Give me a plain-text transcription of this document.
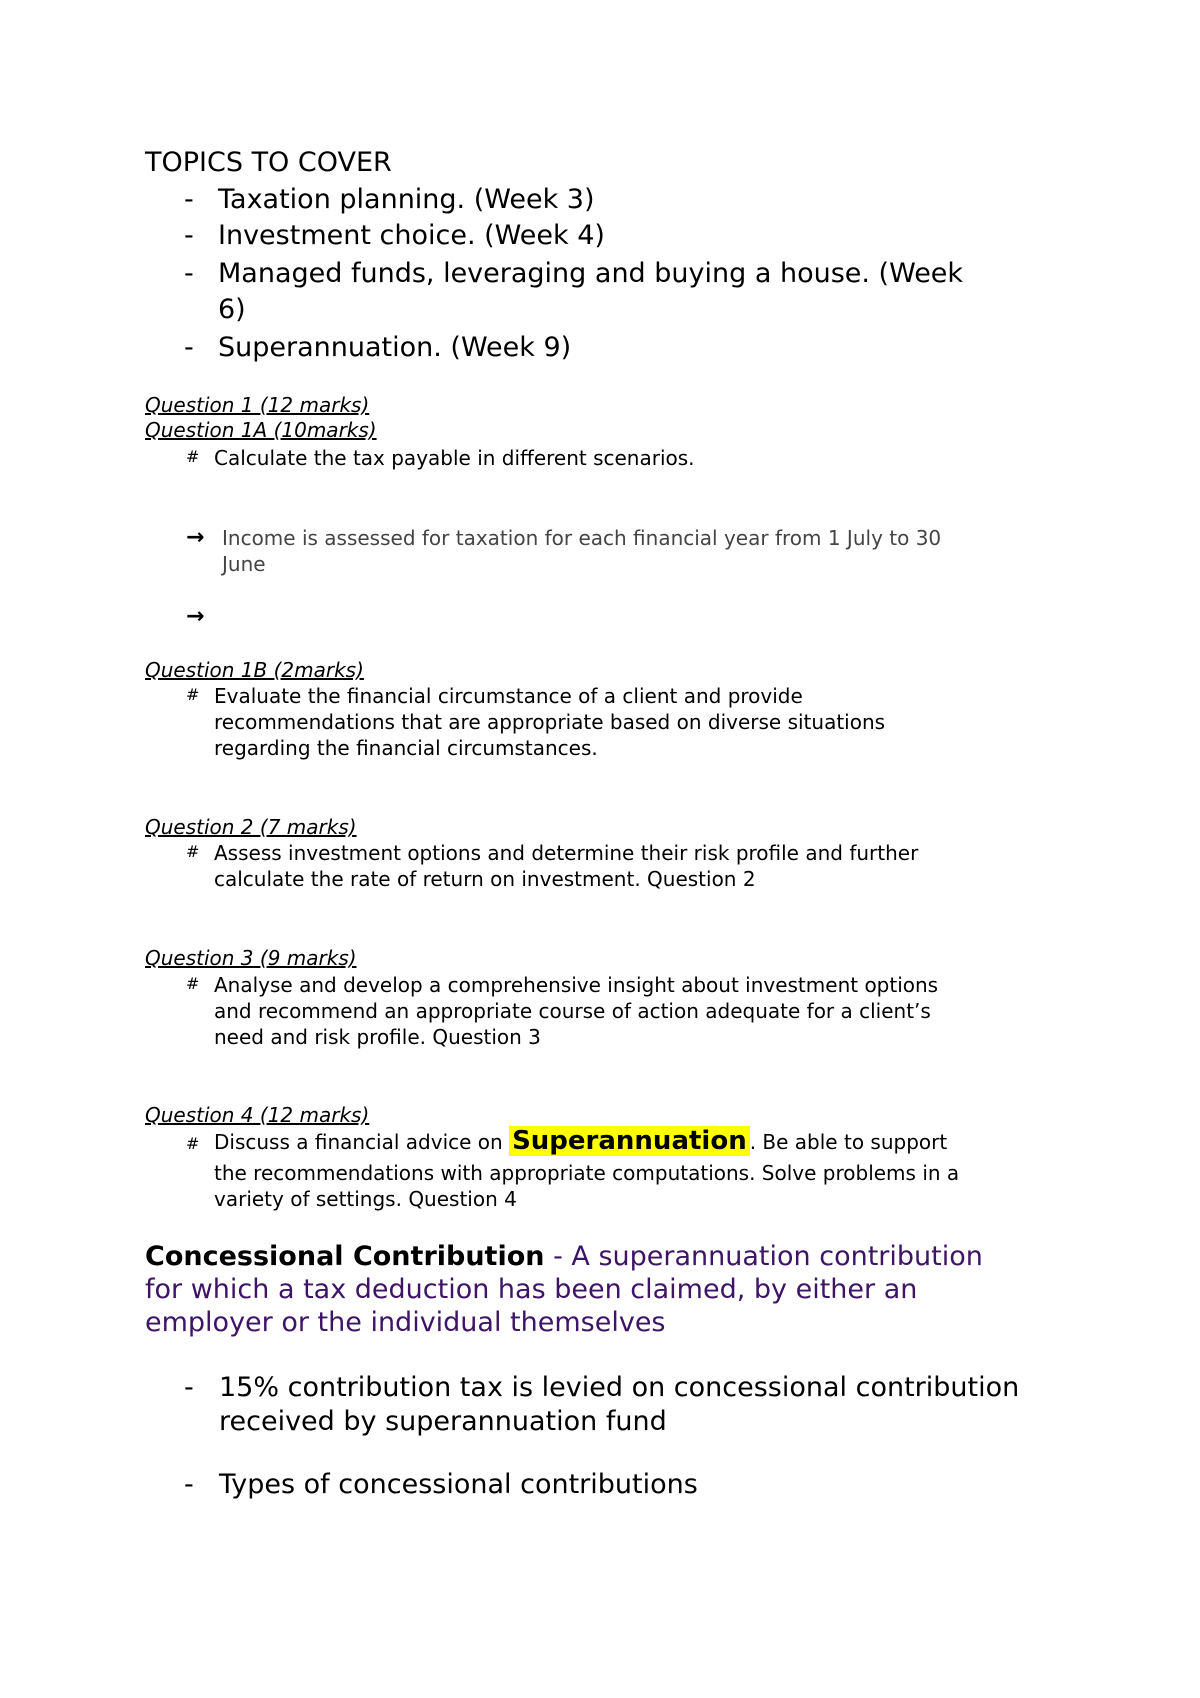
TOPICS TO COVER
- Taxation planning. (Week 3)
- Investment choice. (Week 4)
- Managed funds, leveraging and buying a house. (Week
6)
- Superannuation. (Week 9)
Question 1 (12 marks)
Question 1A (10marks)
# Calculate the tax payable in different scenarios.
→ Income is assessed for taxation for each financial year from 1 July to 30
June
→
Question 1B (2marks)
# Evaluate the financial circumstance of a client and provide
recommendations that are appropriate based on diverse situations
regarding the financial circumstances.
Question 2 (7 marks)
# Assess investment options and determine their risk profile and further
calculate the rate of return on investment. Question 2
Question 3 (9 marks)
# Analyse and develop a comprehensive insight about investment options
and recommend an appropriate course of action adequate for a client’s
need and risk profile. Question 3
Question 4 (12 marks)
# Discuss a financial advice on Superannuation . Be able to support
the recommendations with appropriate computations. Solve problems in a
variety of settings. Question 4
Concessional Contribution - A superannuation contribution
for which a tax deduction has been claimed, by either an
employer or the individual themselves
- 15% contribution tax is levied on concessional contribution
received by superannuation fund
- Types of concessional contributions
